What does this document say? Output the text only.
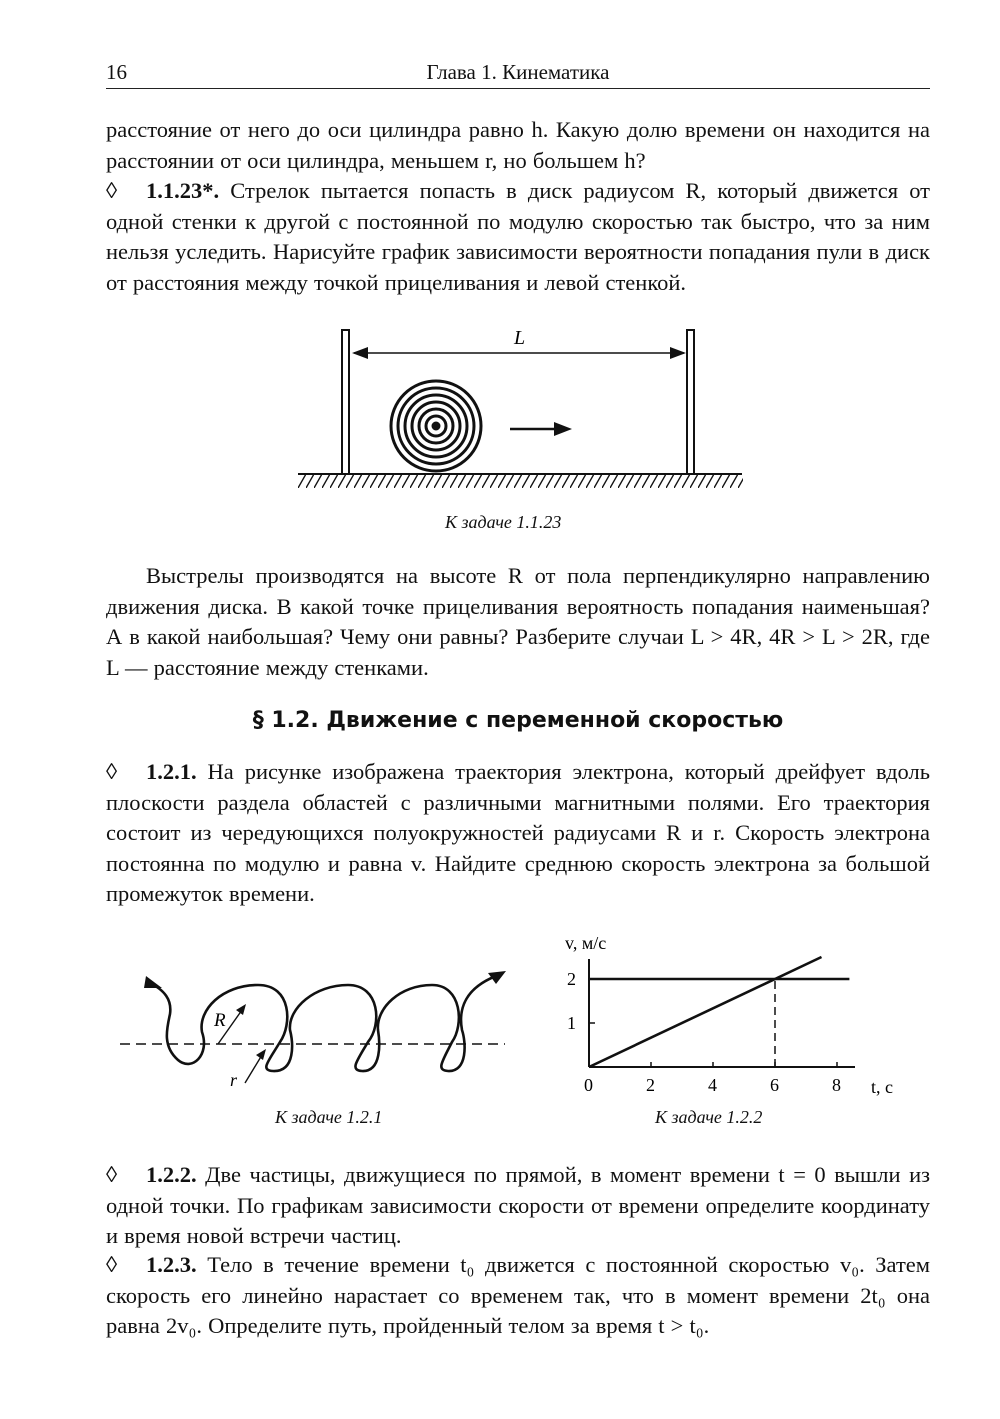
16	Глава 1. Кинематика
расстояние от него до оси цилиндра равно h. Какую долю времени он находится на расстоянии от оси цилиндра, меньшем r, но большем h?
◊ 1.1.23*. Стрелок пытается попасть в диск радиусом R, который движется от одной стенки к другой с постоянной по модулю скоростью так быстро, что за ним нельзя уследить. Нарисуйте график зависимости вероятности попадания пули в диск от расстояния между точкой прицеливания и левой стенкой.
L
К задаче 1.1.23
Выстрелы производятся на высоте R от пола перпендикулярно направлению движения диска. В какой точке прицеливания вероятность попадания наименьшая? А в какой наибольшая? Чему они равны? Разберите случаи L > 4R, 4R > L > 2R, где L — расстояние между стенками.
§ 1.2. Движение с переменной скоростью
◊ 1.2.1. На рисунке изображена траектория электрона, который дрейфует вдоль плоскости раздела областей с различными магнитными полями. Его траектория состоит из чередующихся полуокружностей радиусами R и r. Скорость электрона постоянна по модулю и равна v. Найдите среднюю скорость электрона за большой промежуток времени.
R
r
К задаче 1.2.1
v, м/с
0	2	4	6	8
1
2
t, с
К задаче 1.2.2
◊ 1.2.2. Две частицы, движущиеся по прямой, в момент времени t = 0 вышли из одной точки. По графикам зависимости скорости от времени определите координату и время новой встречи частиц.
◊ 1.2.3. Тело в течение времени t₀ движется с постоянной скоростью v₀. Затем скорость его линейно нарастает со временем так, что в момент времени 2t₀ она равна 2v₀. Определите путь, пройденный телом за время t > t₀.
